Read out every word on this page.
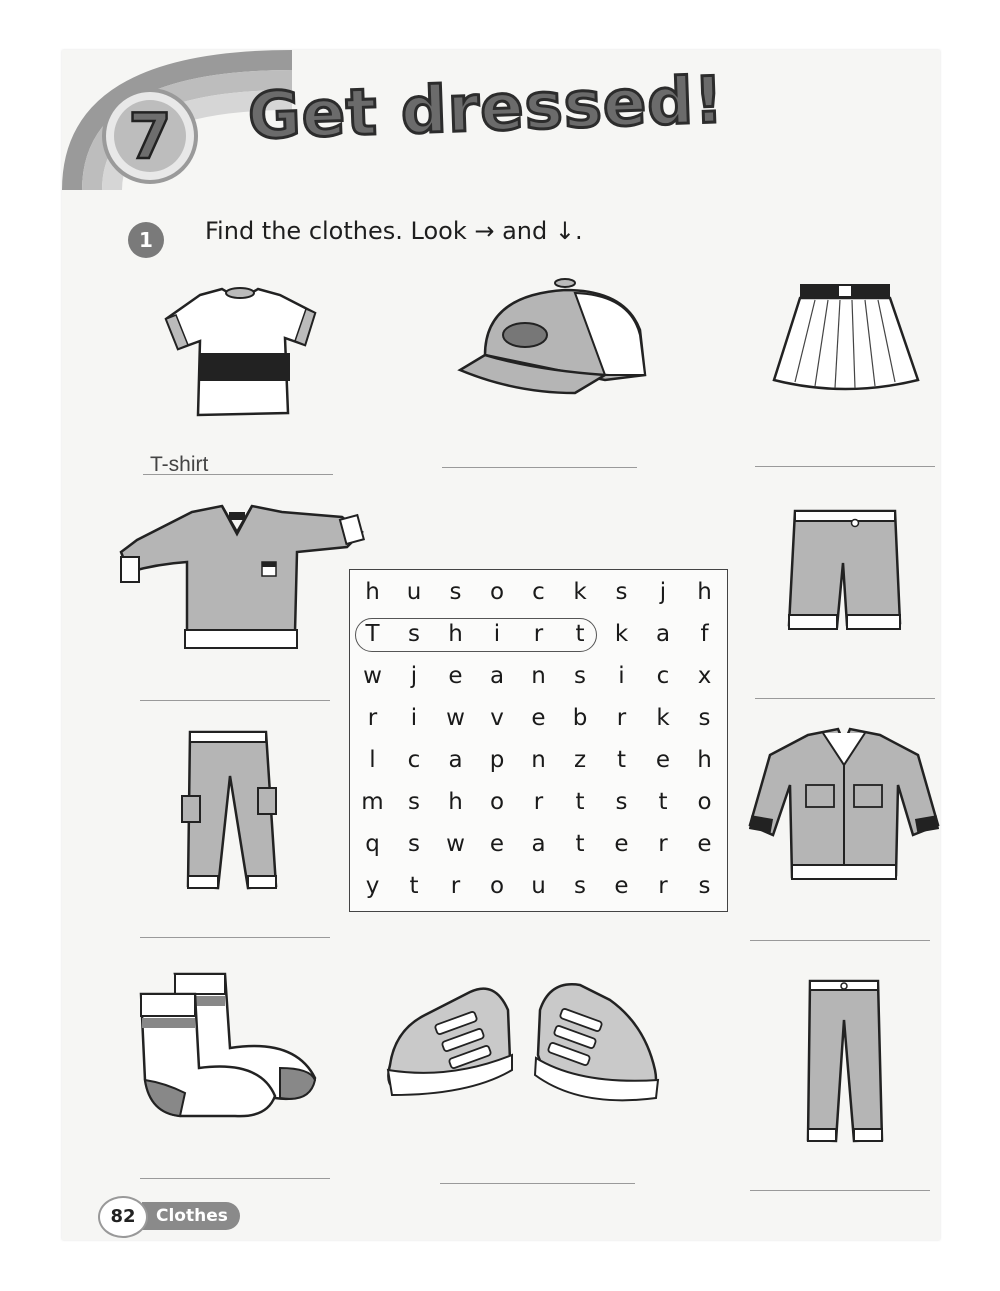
7 Get dressed!
1	Find the clothes. Look → and ↓.
T-shirt
h	u	s	o	c	k	s	j	h
T	s	h	i	r	t	k	a	f
w	j	e	a	n	s	i	c	x
r	i	w	v	e	b	r	k	s
l	c	a	p	n	z	t	e	h
m	s	h	o	r	t	s	t	o
q	s	w	e	a	t	e	r	e
y	t	r	o	u	s	e	r	s
Clothes
82
